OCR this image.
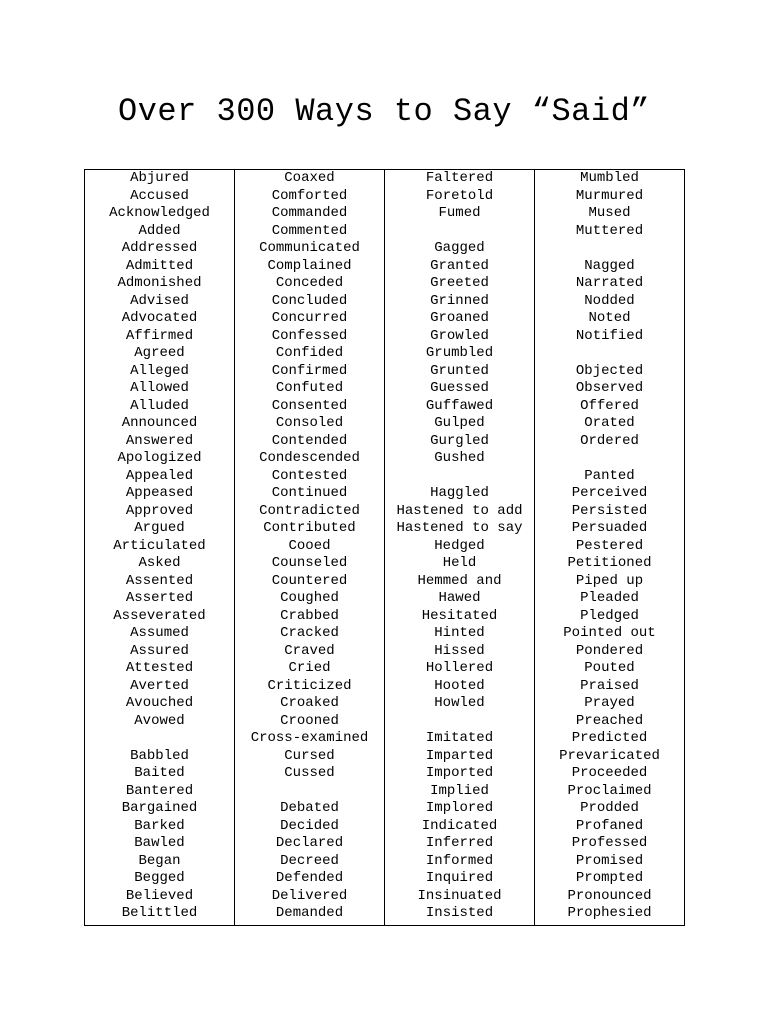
Over 300 Ways to Say “Said”
Abjured
Accused
Acknowledged
Added
Addressed
Admitted
Admonished
Advised
Advocated
Affirmed
Agreed
Alleged
Allowed
Alluded
Announced
Answered
Apologized
Appealed
Appeased
Approved
Argued
Articulated
Asked
Assented
Asserted
Asseverated
Assumed
Assured
Attested
Averted
Avouched
Avowed
Babbled
Baited
Bantered
Bargained
Barked
Bawled
Began
Begged
Believed
Belittled
Coaxed
Comforted
Commanded
Commented
Communicated
Complained
Conceded
Concluded
Concurred
Confessed
Confided
Confirmed
Confuted
Consented
Consoled
Contended
Condescended
Contested
Continued
Contradicted
Contributed
Cooed
Counseled
Countered
Coughed
Crabbed
Cracked
Craved
Cried
Criticized
Croaked
Crooned
Cross-examined
Cursed
Cussed
Debated
Decided
Declared
Decreed
Defended
Delivered
Demanded
Faltered
Foretold
Fumed
Gagged
Granted
Greeted
Grinned
Groaned
Growled
Grumbled
Grunted
Guessed
Guffawed
Gulped
Gurgled
Gushed
Haggled
Hastened to add
Hastened to say
Hedged
Held
Hemmed and
Hawed
Hesitated
Hinted
Hissed
Hollered
Hooted
Howled
Imitated
Imparted
Imported
Implied
Implored
Indicated
Inferred
Informed
Inquired
Insinuated
Insisted
Mumbled
Murmured
Mused
Muttered
Nagged
Narrated
Nodded
Noted
Notified
Objected
Observed
Offered
Orated
Ordered
Panted
Perceived
Persisted
Persuaded
Pestered
Petitioned
Piped up
Pleaded
Pledged
Pointed out
Pondered
Pouted
Praised
Prayed
Preached
Predicted
Prevaricated
Proceeded
Proclaimed
Prodded
Profaned
Professed
Promised
Prompted
Pronounced
Prophesied
